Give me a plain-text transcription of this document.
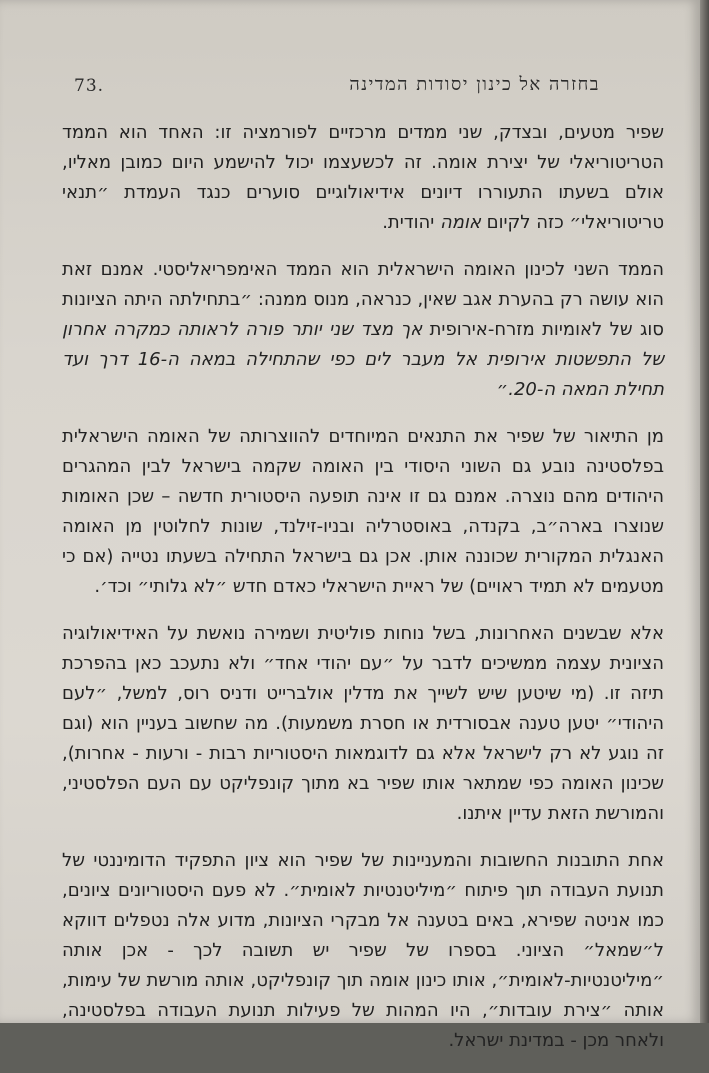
73.	בחזרה אל כינון יסודות המדינה

שפיר מטעים, ובצדק, שני ממדים מרכזיים לפורמציה זו: האחד הוא הממד הטריטוריאלי של יצירת אומה. זה לכשעצמו יכול להישמע היום כמובן מאליו, אולם בשעתו התעוררו דיונים אידיאולוגיים סוערים כנגד העמדת ״תנאי טריטוריאלי״ כזה לקיום אומה יהודית.

הממד השני לכינון האומה הישראלית הוא הממד האימפריאליסטי. אמנם זאת הוא עושה רק בהערת אגב שאין, כנראה, מנוס ממנה: ״בתחילתה היתה הציונות סוג של לאומיות מזרח-אירופית אך מצד שני יותר פורה לראותה כמקרה אחרון של התפשטות אירופית אל מעבר לים כפי שהתחילה במאה ה-16 דרך ועד תחילת המאה ה-20.״

מן התיאור של שפיר את התנאים המיוחדים להווצרותה של האומה הישראלית בפלסטינה נובע גם השוני היסודי בין האומה שקמה בישראל לבין המהגרים היהודים מהם נוצרה. אמנם גם זו אינה תופעה היסטורית חדשה – שכן האומות שנוצרו בארה״ב, בקנדה, באוסטרליה ובניו-זילנד, שונות לחלוטין מן האומה האנגלית המקורית שכוננה אותן. אכן גם בישראל התחילה בשעתו נטייה (אם כי מטעמים לא תמיד ראויים) של ראיית הישראלי כאדם חדש ״לא גלותי״ וכד׳.

אלא שבשנים האחרונות, בשל נוחות פוליטית ושמירה נואשת על האידיאולוגיה הציונית עצמה ממשיכים לדבר על ״עם יהודי אחד״ ולא נתעכב כאן בהפרכת תיזה זו. (מי שיטען שיש לשייך את מדלין אולברייט ודניס רוס, למשל, ״לעם היהודי״ יטען טענה אבסורדית או חסרת משמעות). מה שחשוב בעניין הוא (וגם זה נוגע לא רק לישראל אלא גם לדוגמאות היסטוריות רבות - ורעות - אחרות), שכינון האומה כפי שמתאר אותו שפיר בא מתוך קונפליקט עם העם הפלסטיני, והמורשת הזאת עדיין איתנו.

אחת התובנות החשובות והמעניינות של שפיר הוא ציון התפקיד הדומיננטי של תנועת העבודה תוך פיתוח ״מיליטנטיות לאומית״. לא פעם היסטוריונים ציונים, כמו אניטה שפירא, באים בטענה אל מבקרי הציונות, מדוע אלה נטפלים דווקא ל״שמאל״ הציוני. בספרו של שפיר יש תשובה לכך - אכן אותה ״מיליטנטיות-לאומית״, אותו כינון אומה תוך קונפליקט, אותה מורשת של עימות, אותה ״צירת עובדות״, היו המהות של פעילות תנועת העבודה בפלסטינה, ולאחר מכן - במדינת ישראל.
